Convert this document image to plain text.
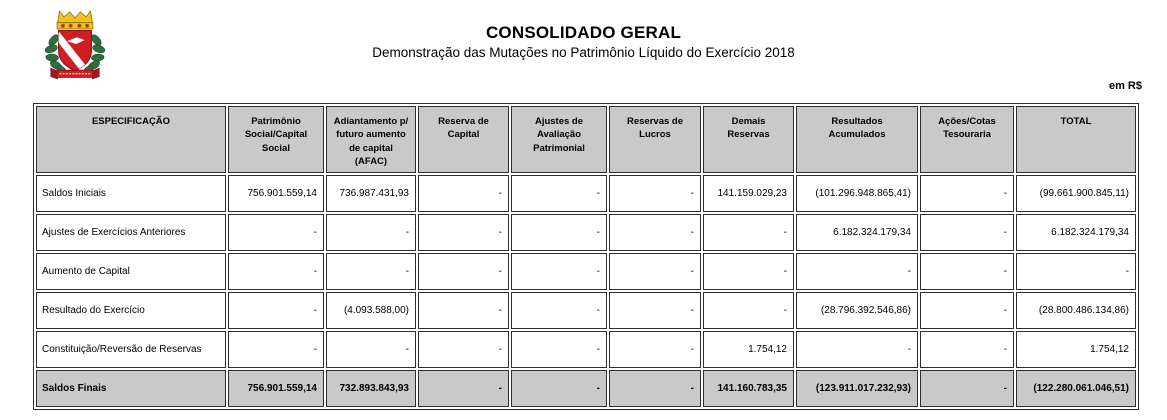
CONSOLIDADO GERAL
Demonstração das Mutações no Patrimônio Líquido do Exercício 2018
em R$
ESPECIFICAÇÃO	Patrimônio Social/Capital Social	Adiantamento p/ futuro aumento de capital (AFAC)	Reserva de Capital	Ajustes de Avaliação Patrimonial	Reservas de Lucros	Demais Reservas	Resultados Acumulados	Ações/Cotas Tesouraria	TOTAL
Saldos Iniciais	756.901.559,14	736.987.431,93	-	-	-	141.159.029,23	(101.296.948.865,41)	-	(99.661.900.845,11)
Ajustes de Exercícios Anteriores	-	-	-	-	-	-	6.182.324.179,34	-	6.182.324.179,34
Aumento de Capital	-	-	-	-	-	-	-	-	-
Resultado do Exercício	-	(4.093.588,00)	-	-	-	-	(28.796.392.546,86)	-	(28.800.486.134,86)
Constituição/Reversão de Reservas	-	-	-	-	-	1.754,12	-	-	1.754,12
Saldos Finais	756.901.559,14	732.893.843,93	-	-	-	141.160.783,35	(123.911.017.232,93)	-	(122.280.061.046,51)
